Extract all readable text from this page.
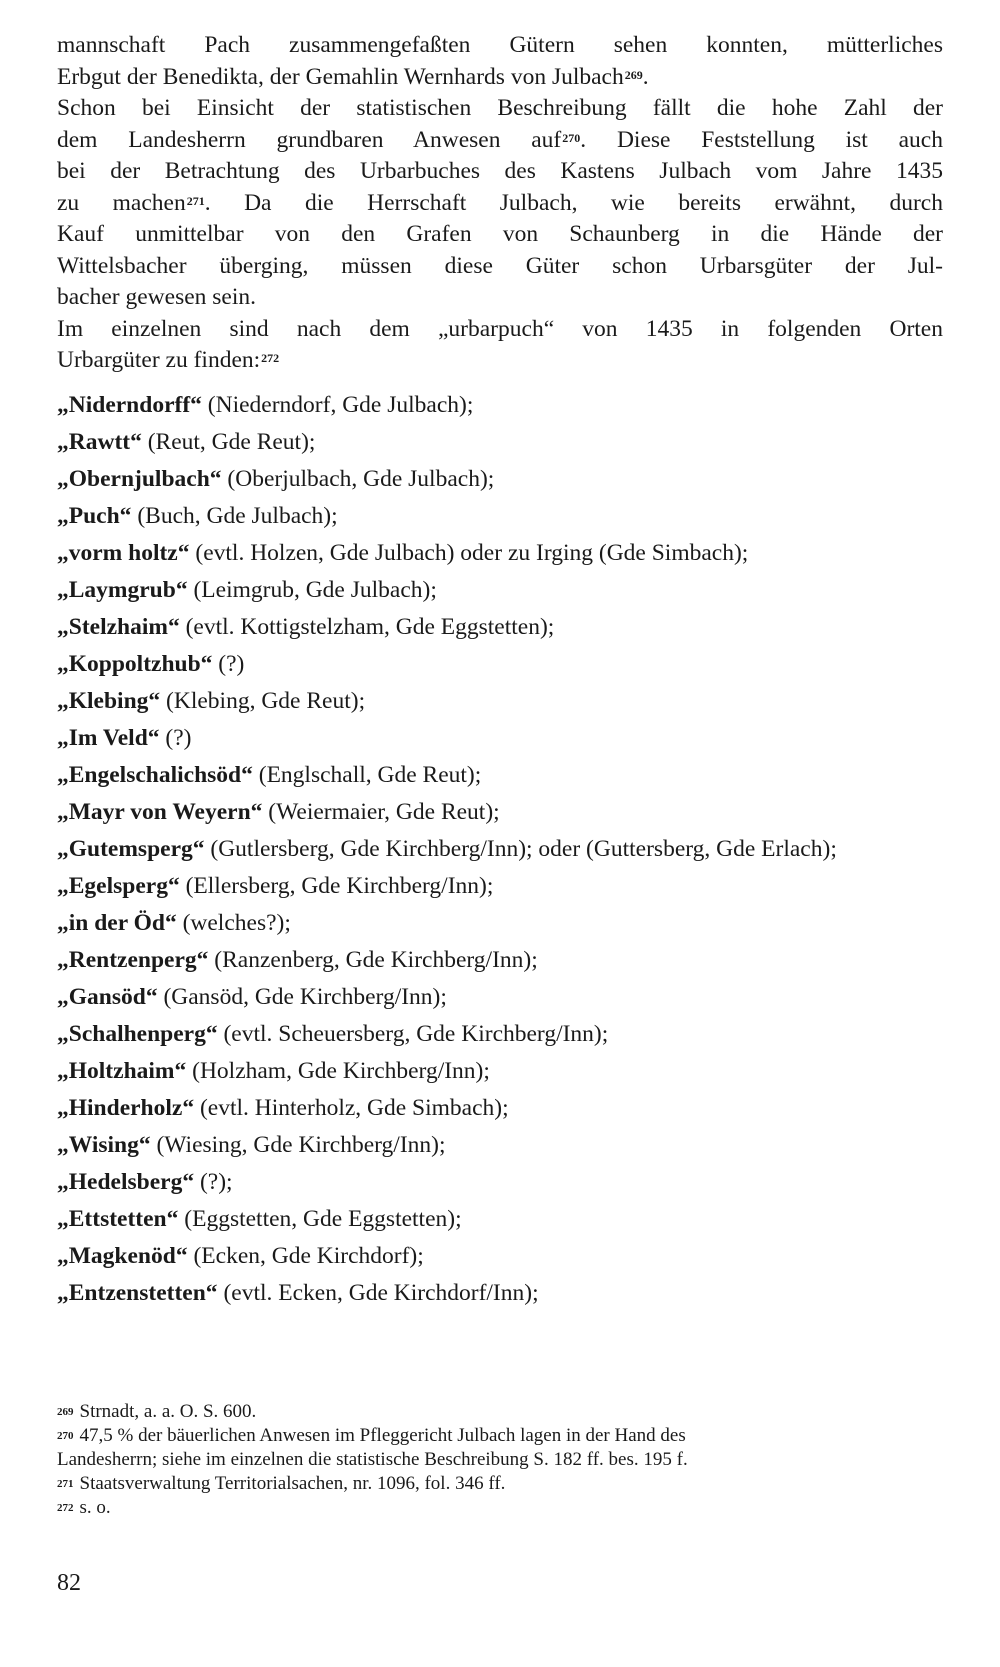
mannschaft Pach zusammengefaßten Gütern sehen konnten, mütterliches
Erbgut der Benedikta, der Gemahlin Wernhards von Julbach$^{269}$.
Schon bei Einsicht der statistischen Beschreibung fällt die hohe Zahl der
dem Landesherrn grundbaren Anwesen auf$^{270}$. Diese Feststellung ist auch
bei der Betrachtung des Urbarbuches des Kastens Julbach vom Jahre 1435
zu machen$^{271}$. Da die Herrschaft Julbach, wie bereits erwähnt, durch
Kauf unmittelbar von den Grafen von Schaunberg in die Hände der
Wittelsbacher überging, müssen diese Güter schon Urbarsgüter der Jul-
bacher gewesen sein.
Im einzelnen sind nach dem „urbarpuch“ von 1435 in folgenden Orten
Urbargüter zu finden:$^{272}$

„Niderndorff“ (Niederndorf, Gde Julbach);

„Rawtt“ (Reut, Gde Reut);

„Obernjulbach“ (Oberjulbach, Gde Julbach);

„Puch“ (Buch, Gde Julbach);

„vorm holtz“ (evtl. Holzen, Gde Julbach) oder zu Irging (Gde Simbach);

„Laymgrub“ (Leimgrub, Gde Julbach);

„Stelzhaim“ (evtl. Kottigstelzham, Gde Eggstetten);

„Koppoltzhub“ (?)

„Klebing“ (Klebing, Gde Reut);

„Im Veld“ (?)

„Engelschalichsöd“ (Englschall, Gde Reut);

„Mayr von Weyern“ (Weiermaier, Gde Reut);

„Gutemsperg“ (Gutlersberg, Gde Kirchberg/Inn); oder (Guttersberg, Gde Erlach);

„Egelsperg“ (Ellersberg, Gde Kirchberg/Inn);

„in der Öd“ (welches?);

„Rentzenperg“ (Ranzenberg, Gde Kirchberg/Inn);

„Gansöd“ (Gansöd, Gde Kirchberg/Inn);

„Schalhenperg“ (evtl. Scheuersberg, Gde Kirchberg/Inn);

„Holtzhaim“ (Holzham, Gde Kirchberg/Inn);

„Hinderholz“ (evtl. Hinterholz, Gde Simbach);

„Wising“ (Wiesing, Gde Kirchberg/Inn);

„Hedelsberg“ (?);

„Ettstetten“ (Eggstetten, Gde Eggstetten);

„Magkenöd“ (Ecken, Gde Kirchdorf);

„Entzenstetten“ (evtl. Ecken, Gde Kirchdorf/Inn);

$^{269}$ Strnadt, a. a. O. S. 600.

$^{270}$ 47,5 % der bäuerlichen Anwesen im Pfleggericht Julbach lagen in der Hand des
Landesherrn; siehe im einzelnen die statistische Beschreibung S. 182 ff. bes. 195 f.

$^{271}$ Staatsverwaltung Territorialsachen, nr. 1096, fol. 346 ff.

$^{272}$ s. o.

82
